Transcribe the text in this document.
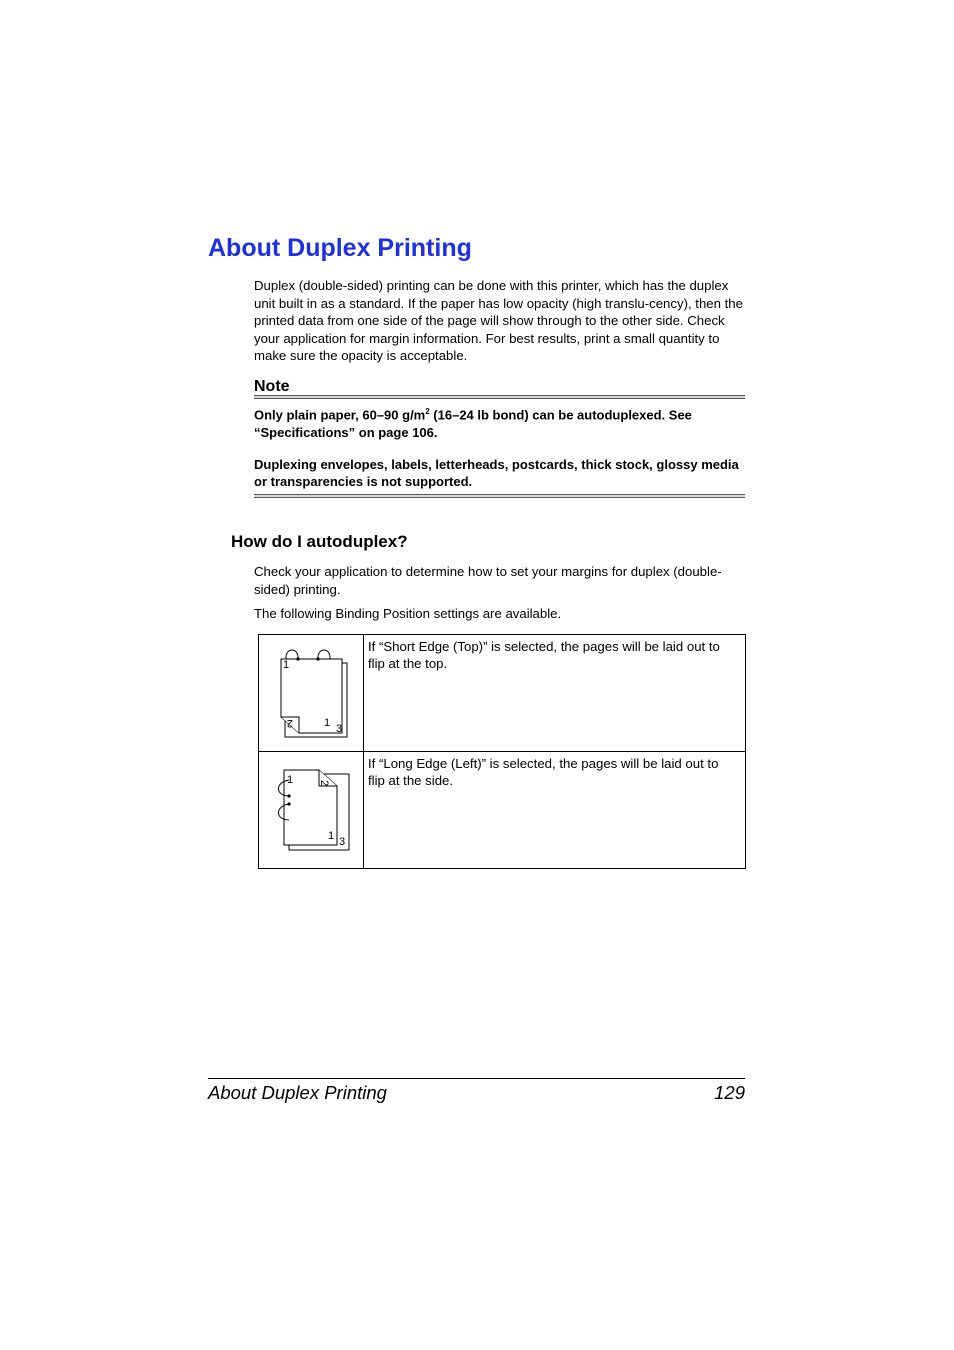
About Duplex Printing
Duplex (double-sided) printing can be done with this printer, which has the duplex unit built in as a standard. If the paper has low opacity (high translu-cency), then the printed data from one side of the page will show through to the other side. Check your application for margin information. For best results, print a small quantity to make sure the opacity is acceptable.
Note
Only plain paper, 60–90 $g/m^2$ (16–24 lb bond) can be autoduplexed. See “Specifications” on page 106.
Duplexing envelopes, labels, letterheads, postcards, thick stock, glossy media or transparencies is not supported.
How do I autoduplex?
Check your application to determine how to set your margins for duplex (double-sided) printing.
The following Binding Position settings are available.
1
2 1 3	If “Short Edge (Top)” is selected, the pages will be laid out to flip at the top.

1 2
1 3	If “Long Edge (Left)” is selected, the pages will be laid out to flip at the side.
About Duplex Printing	129
